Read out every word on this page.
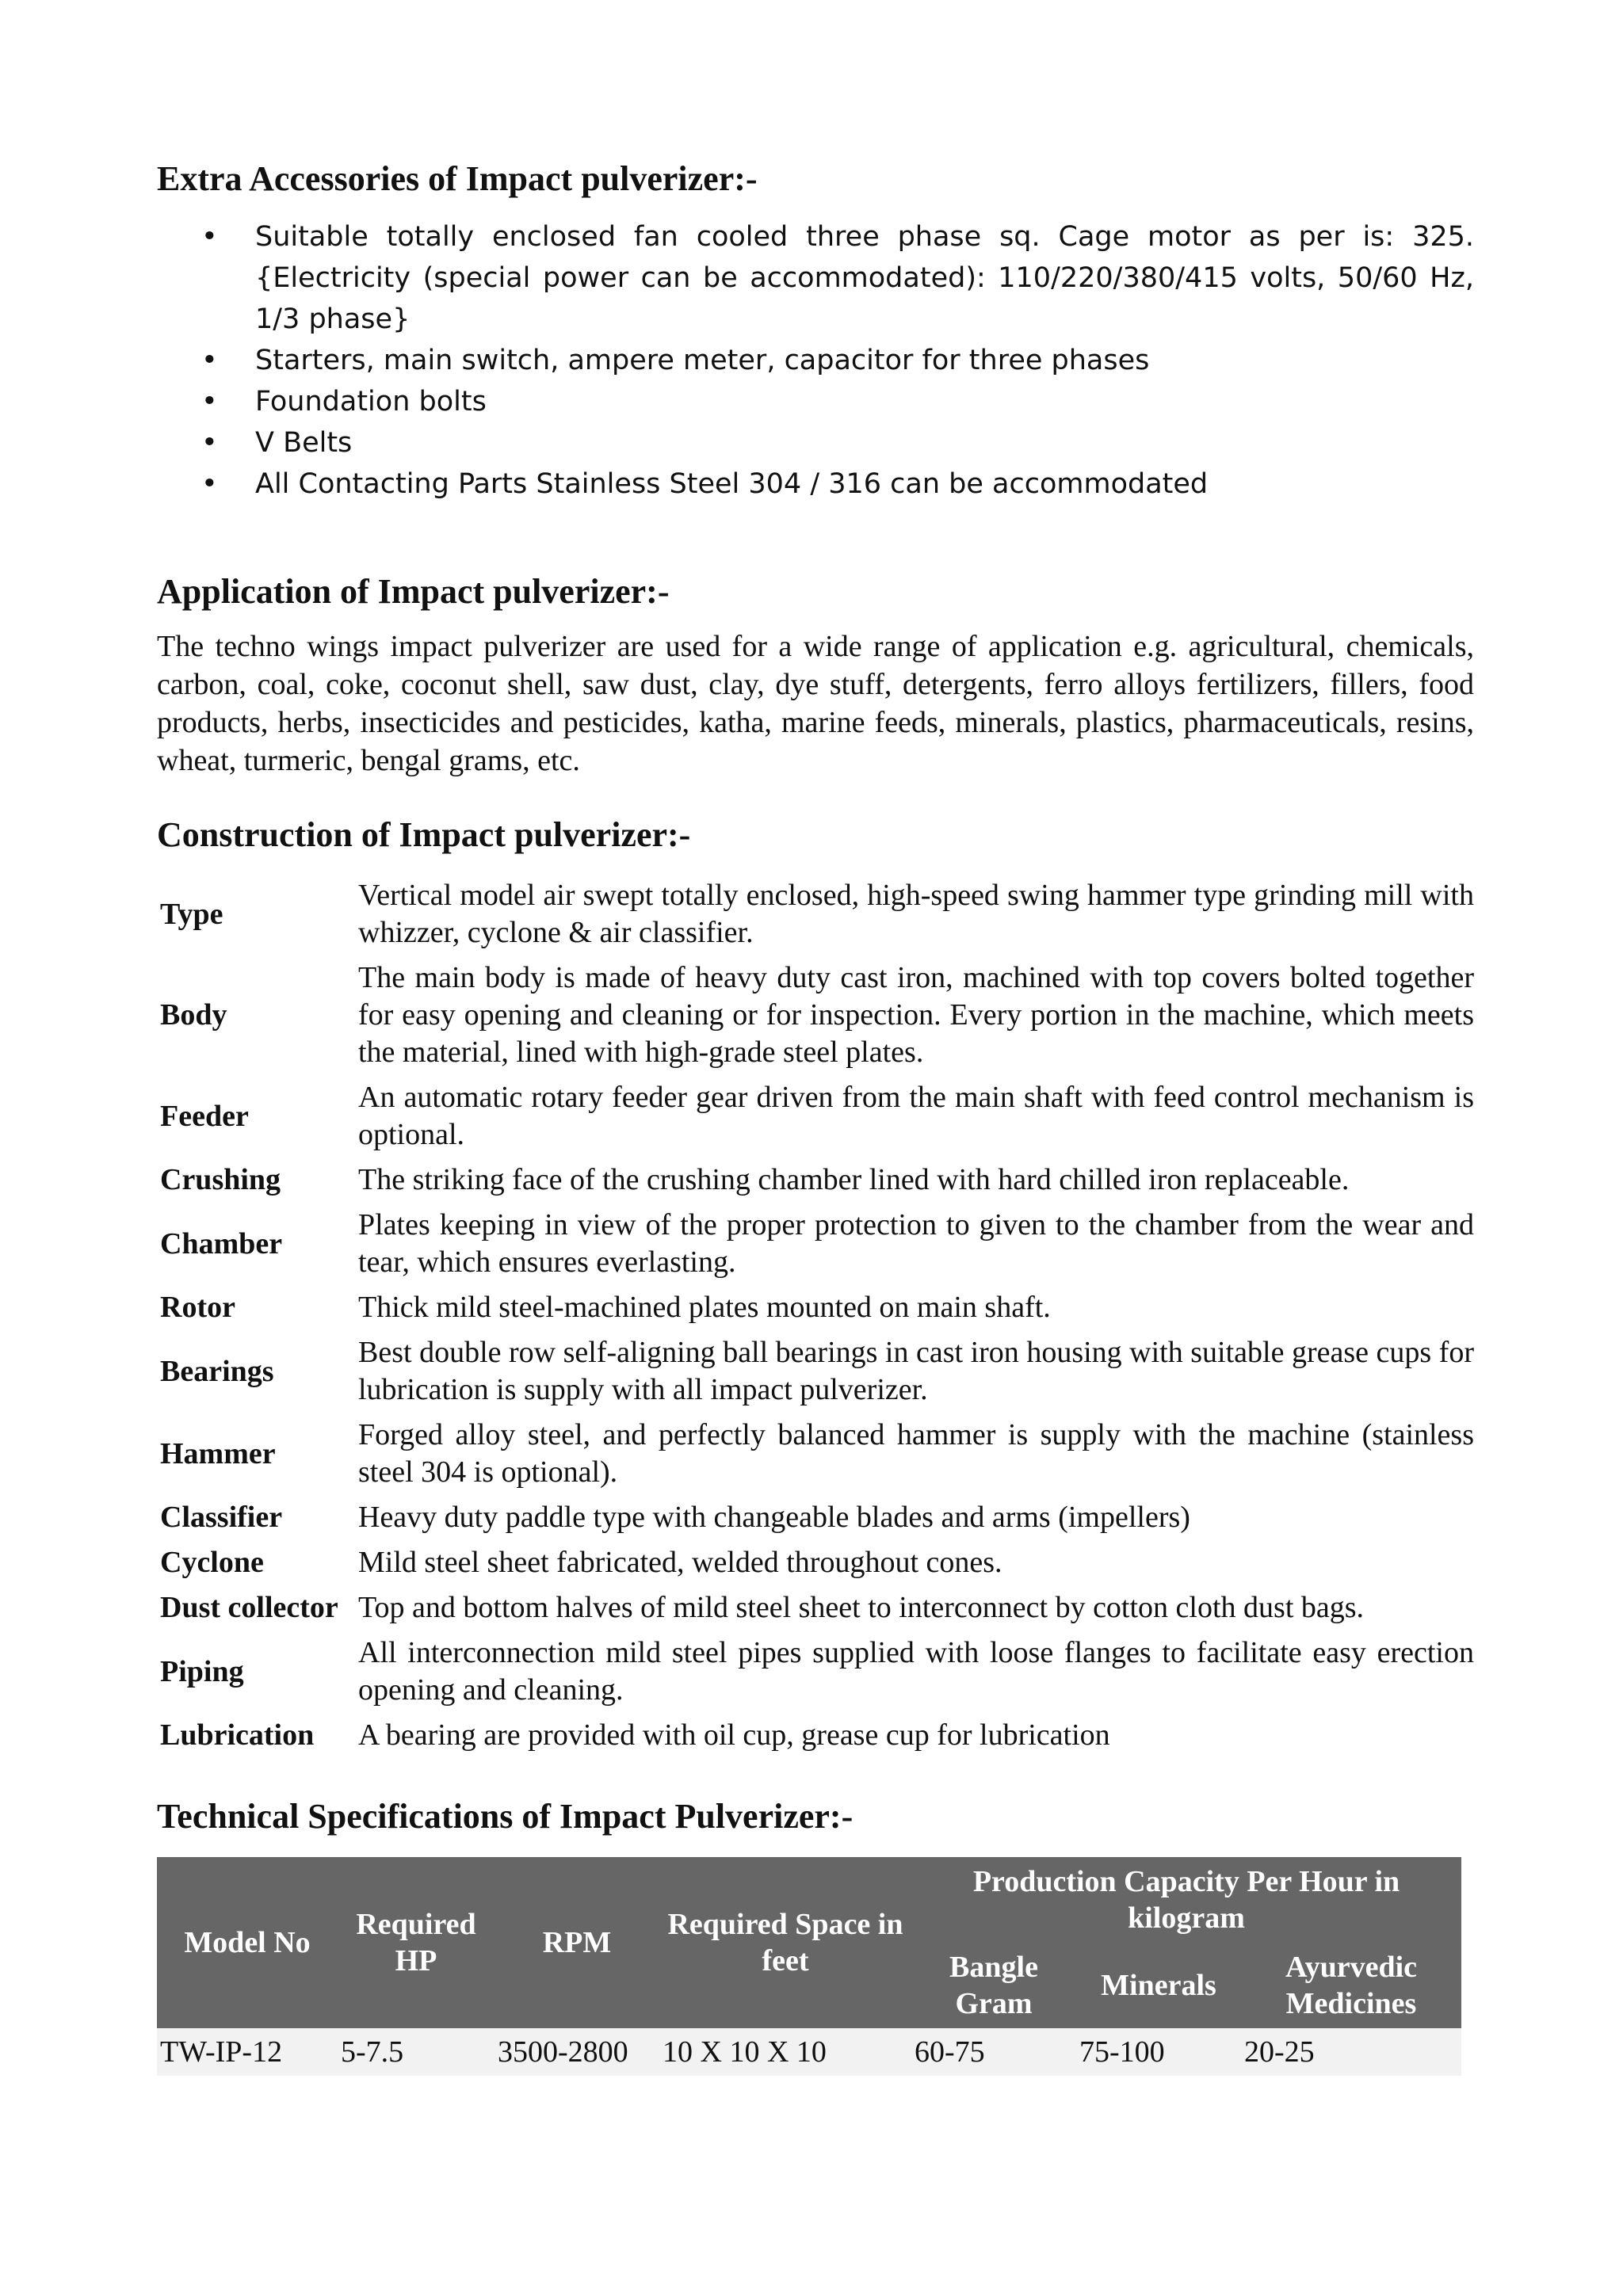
Extra Accessories of Impact pulverizer:-
• Suitable totally enclosed fan cooled three phase sq. Cage motor as per is: 325. {Electricity (special power can be accommodated): 110/220/380/415 volts, 50/60 Hz, 1/3 phase}
• Starters, main switch, ampere meter, capacitor for three phases
• Foundation bolts
• V Belts
• All Contacting Parts Stainless Steel 304 / 316 can be accommodated
Application of Impact pulverizer:-

The techno wings impact pulverizer are used for a wide range of application e.g. agricultural, chemicals, carbon, coal, coke, coconut shell, saw dust, clay, dye stuff, detergents, ferro alloys fertilizers, fillers, food products, herbs, insecticides and pesticides, katha, marine feeds, minerals, plastics, pharmaceuticals, resins, wheat, turmeric, bengal grams, etc.

Construction of Impact pulverizer:-
Type	Vertical model air swept totally enclosed, high-speed swing hammer type grinding mill with whizzer, cyclone & air classifier.
Body	The main body is made of heavy duty cast iron, machined with top covers bolted together for easy opening and cleaning or for inspection. Every portion in the machine, which meets the material, lined with high-grade steel plates.
Feeder	An automatic rotary feeder gear driven from the main shaft with feed control mechanism is optional.
Crushing	The striking face of the crushing chamber lined with hard chilled iron replaceable.
Chamber	Plates keeping in view of the proper protection to given to the chamber from the wear and tear, which ensures everlasting.
Rotor	Thick mild steel-machined plates mounted on main shaft.
Bearings	Best double row self-aligning ball bearings in cast iron housing with suitable grease cups for lubrication is supply with all impact pulverizer.
Hammer	Forged alloy steel, and perfectly balanced hammer is supply with the machine (stainless steel 304 is optional).
Classifier	Heavy duty paddle type with changeable blades and arms (impellers)
Cyclone	Mild steel sheet fabricated, welded throughout cones.
Dust collector	Top and bottom halves of mild steel sheet to interconnect by cotton cloth dust bags.
Piping	All interconnection mild steel pipes supplied with loose flanges to facilitate easy erection opening and cleaning.
Lubrication	A bearing are provided with oil cup, grease cup for lubrication
Technical Specifications of Impact Pulverizer:-
Model No	Required HP	RPM	Required Space in feet	Production Capacity Per Hour in kilogram		
				Bangle Gram	Minerals	Ayurvedic Medicines
TW-IP-12	5-7.5	3500-2800	10 X 10 X 10	60-75	75-100	20-25
